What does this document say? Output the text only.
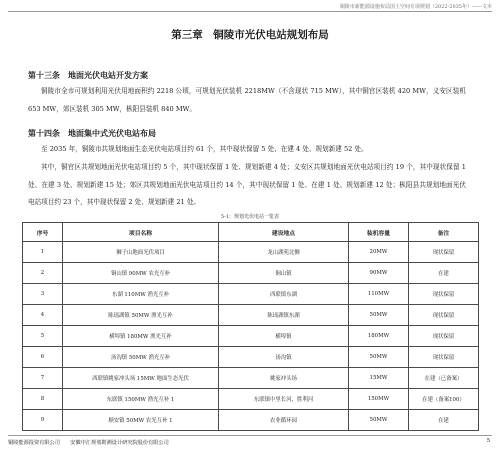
铜陵市新能源设施布局国土空间专项规划（2022-2035年）——文本
第三章　铜陵市光伏电站规划布局
第十三条　地面光伏电站开发方案

铜陵市全市可规划利用光伏用地面积约 2218 公顷，可规划光伏装机 2218MW（不含现状 715 MW），其中铜官区装机 420 MW，义安区装机 653 MW，郊区装机 305 MW，枞阳县装机 840 MW。

第十四条　地面集中式光伏电站布局

至 2035 年，铜陵市共规划地面生态光伏电站项目约 61 个，其中现状保留 5 处、在建 4 处、规划新建 52 处。

其中，铜官区共规划地面光伏电站项目约 5 个，其中现状保留 1 处、规划新建 4 处；义安区共规划地面光伏电站项目约 19 个，其中现状保留 1 处、在建 3 处、规划新建 15 处；郊区共规划地面光伏电站项目约 14 个，其中现状保留 1 处、在建 1 处、规划新建 12 处；枞阳县共规划地面光伏电站项目约 23 个，其中现状保留 2 处、规划新建 21 处。

5-1：规划光伏电站一览表
序号	项目名称	建设地点	装机容量	备注
1	狮子山地面光伏项目	龙山湖苑北侧	20MW	现状保留
2	铜山镇 90MW 农光互补	铜山镇	90MW	在建
3	东湖 110MW 渔光互补	西联镇东湖	110MW	现状保留
4	陈瑶湖镇 50MW 渔光互补	陈瑶湖镇东湖	50MW	现状保留
5	横埠镇 180MW 渔光互补	横埠镇	180MW	现状保留
6	汤沟镇 50MW 渔光互补	汤沟镇	50MW	现状保留
7	西联镇姚家冲头场 15MW 地面生态光伏	姚家冲头场	15MW	在建（已备案）
8	东联镇 150MW 渔光互补 1	东联镇中里长河、胜利河	150MW	在建（备案100）
9	顺安镇 50MW 农光互补 1	农业循环园	50MW	在建
铜陵能源投资有限公司　　安徽中汇规划勘测设计研究院股份有限公司	5
